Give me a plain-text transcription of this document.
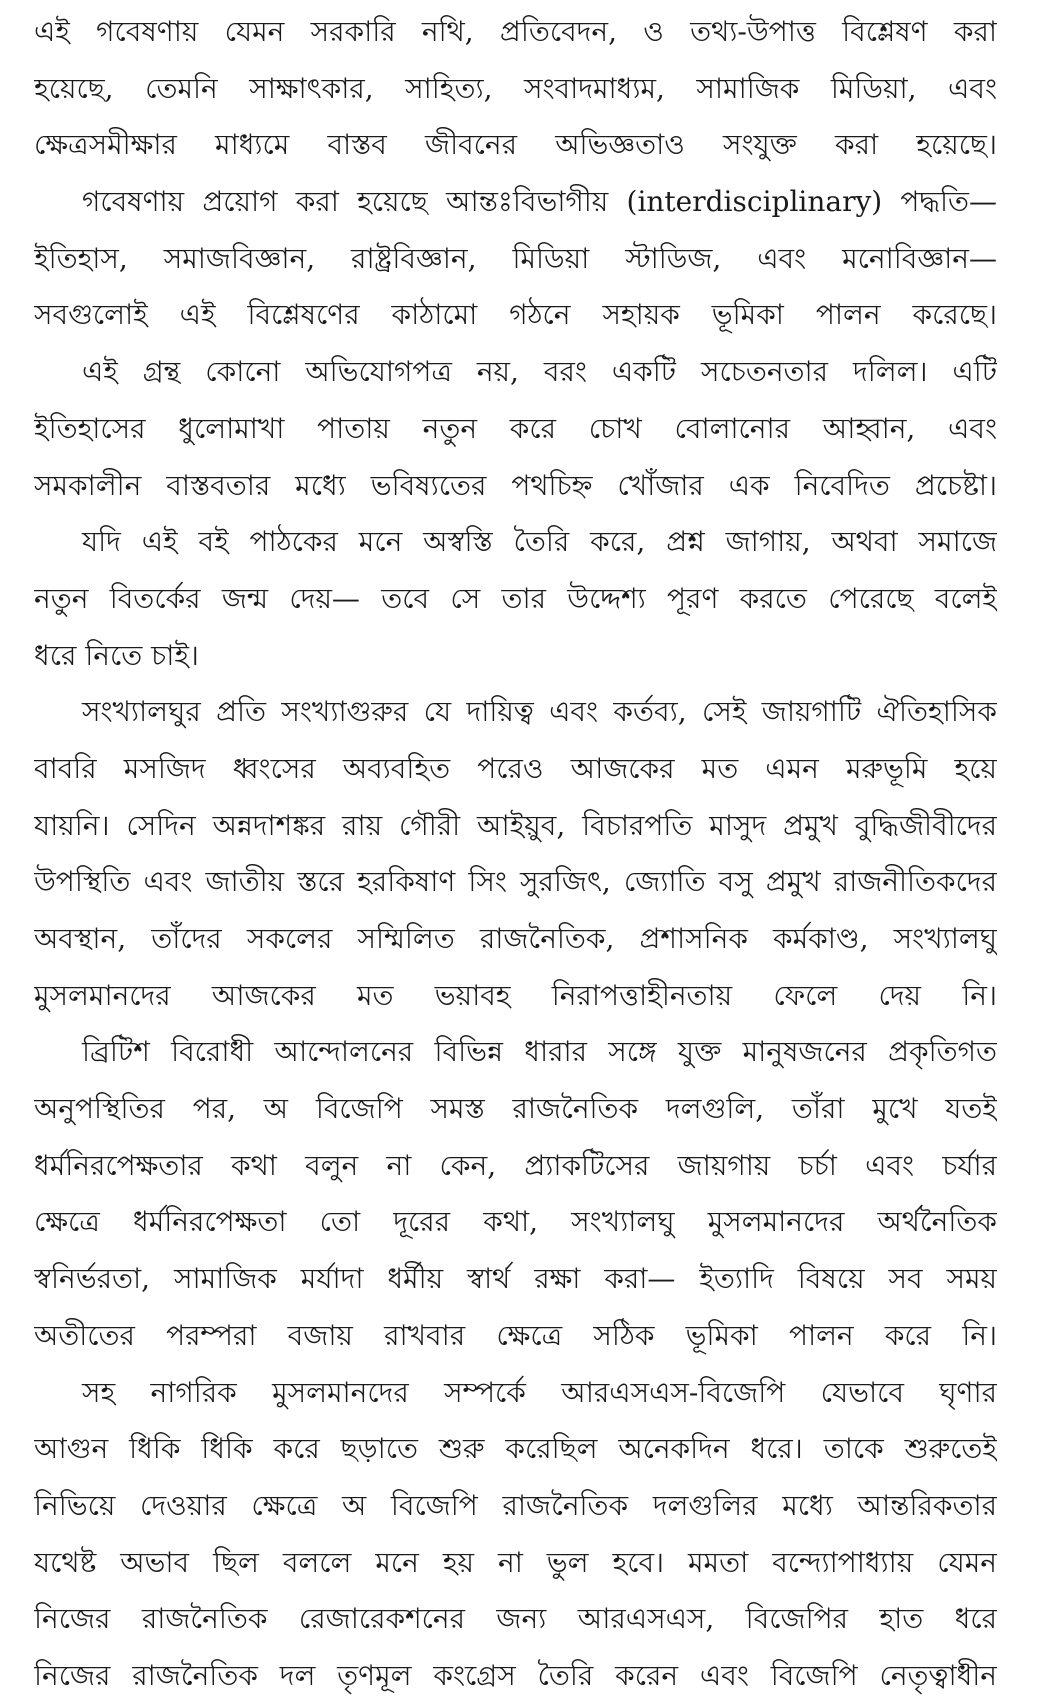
এই গবেষণায় যেমন সরকারি নথি, প্রতিবেদন, ও তথ্য-উপাত্ত বিশ্লেষণ করা
হয়েছে, তেমনি সাক্ষাৎকার, সাহিত্য, সংবাদমাধ্যম, সামাজিক মিডিয়া, এবং
ক্ষেত্রসমীক্ষার মাধ্যমে বাস্তব জীবনের অভিজ্ঞতাও সংযুক্ত করা হয়েছে।
গবেষণায় প্রয়োগ করা হয়েছে আন্তঃবিভাগীয় (interdisciplinary) পদ্ধতি—
ইতিহাস, সমাজবিজ্ঞান, রাষ্ট্রবিজ্ঞান, মিডিয়া স্টাডিজ, এবং মনোবিজ্ঞান—
সবগুলোই এই বিশ্লেষণের কাঠামো গঠনে সহায়ক ভূমিকা পালন করেছে।
এই গ্রন্থ কোনো অভিযোগপত্র নয়, বরং একটি সচেতনতার দলিল। এটি
ইতিহাসের ধুলোমাখা পাতায় নতুন করে চোখ বোলানোর আহ্বান, এবং
সমকালীন বাস্তবতার মধ্যে ভবিষ্যতের পথচিহ্ন খোঁজার এক নিবেদিত প্রচেষ্টা।
যদি এই বই পাঠকের মনে অস্বস্তি তৈরি করে, প্রশ্ন জাগায়, অথবা সমাজে
নতুন বিতর্কের জন্ম দেয়— তবে সে তার উদ্দেশ্য পূরণ করতে পেরেছে বলেই
ধরে নিতে চাই।
সংখ্যালঘুর প্রতি সংখ্যাগুরুর যে দায়িত্ব এবং কর্তব্য, সেই জায়গাটি ঐতিহাসিক
বাবরি মসজিদ ধ্বংসের অব্যবহিত পরেও আজকের মত এমন মরুভূমি হয়ে
যায়নি। সেদিন অন্নদাশঙ্কর রায় গৌরী আইয়ুব, বিচারপতি মাসুদ প্রমুখ বুদ্ধিজীবীদের
উপস্থিতি এবং জাতীয় স্তরে হরকিষাণ সিং সুরজিৎ, জ্যোতি বসু প্রমুখ রাজনীতিকদের
অবস্থান, তাঁদের সকলের সম্মিলিত রাজনৈতিক, প্রশাসনিক কর্মকাণ্ড, সংখ্যালঘু
মুসলমানদের আজকের মত ভয়াবহ নিরাপত্তাহীনতায় ফেলে দেয় নি।
ব্রিটিশ বিরোধী আন্দোলনের বিভিন্ন ধারার সঙ্গে যুক্ত মানুষজনের প্রকৃতিগত
অনুপস্থিতির পর, অ বিজেপি সমস্ত রাজনৈতিক দলগুলি, তাঁরা মুখে যতই
ধর্মনিরপেক্ষতার কথা বলুন না কেন, প্র্যাকটিসের জায়গায় চর্চা এবং চর্যার
ক্ষেত্রে ধর্মনিরপেক্ষতা তো দূরের কথা, সংখ্যালঘু মুসলমানদের অর্থনৈতিক
স্বনির্ভরতা, সামাজিক মর্যাদা ধর্মীয় স্বার্থ রক্ষা করা— ইত্যাদি বিষয়ে সব সময়
অতীতের পরম্পরা বজায় রাখবার ক্ষেত্রে সঠিক ভূমিকা পালন করে নি।
সহ নাগরিক মুসলমানদের সম্পর্কে আরএসএস-বিজেপি যেভাবে ঘৃণার
আগুন ধিকি ধিকি করে ছড়াতে শুরু করেছিল অনেকদিন ধরে। তাকে শুরুতেই
নিভিয়ে দেওয়ার ক্ষেত্রে অ বিজেপি রাজনৈতিক দলগুলির মধ্যে আন্তরিকতার
যথেষ্ট অভাব ছিল বললে মনে হয় না ভুল হবে। মমতা বন্দ্যোপাধ্যায় যেমন
নিজের রাজনৈতিক রেজারেকশনের জন্য আরএসএস, বিজেপির হাত ধরে
নিজের রাজনৈতিক দল তৃণমূল কংগ্রেস তৈরি করেন এবং বিজেপি নেতৃত্বাধীন
